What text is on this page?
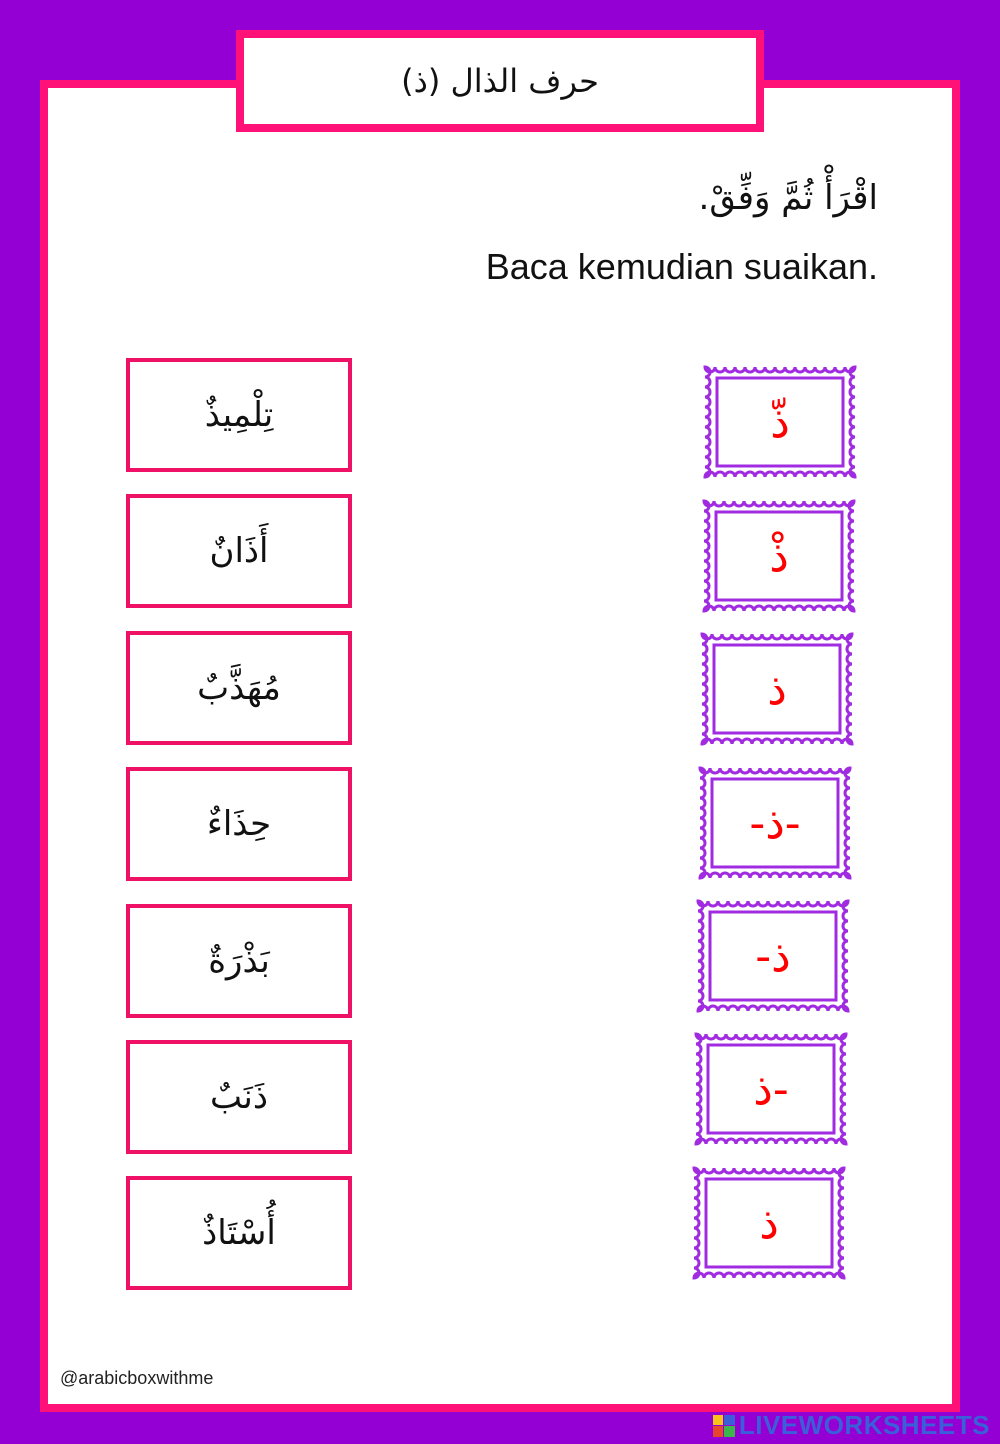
حرف الذال (ذ)
اقْرَأْ ثُمَّ وَفِّقْ.
Baca kemudian suaikan.
تِلْمِيذٌ
أَذَانٌ
مُهَذَّبٌ
حِذَاءٌ
بَذْرَةٌ
ذَنَبٌ
أُسْتَاذٌ
ذّ
ذْ
ذ
-ذ-
-ذ
ذ-
ذ
@arabicboxwithme
LIVEWORKSHEETS
